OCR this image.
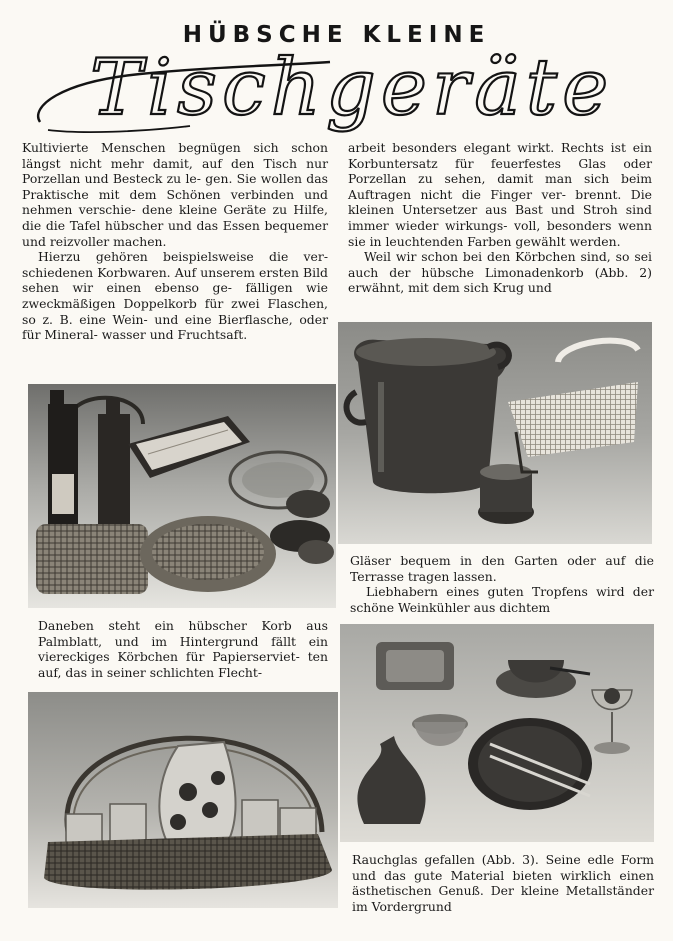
HÜBSCHE KLEINE
Tischgeräte

Kultivierte Menschen begnügen sich schon längst nicht mehr damit, auf den Tisch nur Porzellan und Besteck zu le- gen. Sie wollen das Praktische mit dem Schönen verbinden und nehmen verschie- dene kleine Geräte zu Hilfe, die die Tafel hübscher und das Essen bequemer und reizvoller machen.

Hierzu gehören beispielsweise die ver- schiedenen Korbwaren. Auf unserem ersten Bild sehen wir einen ebenso ge- fälligen wie zweckmäßigen Doppelkorb für zwei Flaschen, so z. B. eine Wein- und eine Bierflasche, oder für Mineral- wasser und Fruchtsaft.

arbeit besonders elegant wirkt. Rechts ist ein Korbuntersatz für feuerfestes Glas oder Porzellan zu sehen, damit man sich beim Auftragen nicht die Finger ver- brennt. Die kleinen Untersetzer aus Bast und Stroh sind immer wieder wirkungs- voll, besonders wenn sie in leuchtenden Farben gewählt werden.

Weil wir schon bei den Körbchen sind, so sei auch der hübsche Limonadenkorb (Abb. 2) erwähnt, mit dem sich Krug und

Daneben steht ein hübscher Korb aus Palmblatt, und im Hintergrund fällt ein viereckiges Körbchen für Papierserviet- ten auf, das in seiner schlichten Flecht-

Gläser bequem in den Garten oder auf die Terrasse tragen lassen.

Liebhabern eines guten Tropfens wird der schöne Weinkühler aus dichtem

Rauchglas gefallen (Abb. 3). Seine edle Form und das gute Material bieten wirklich einen ästhetischen Genuß. Der kleine Metallständer im Vordergrund
